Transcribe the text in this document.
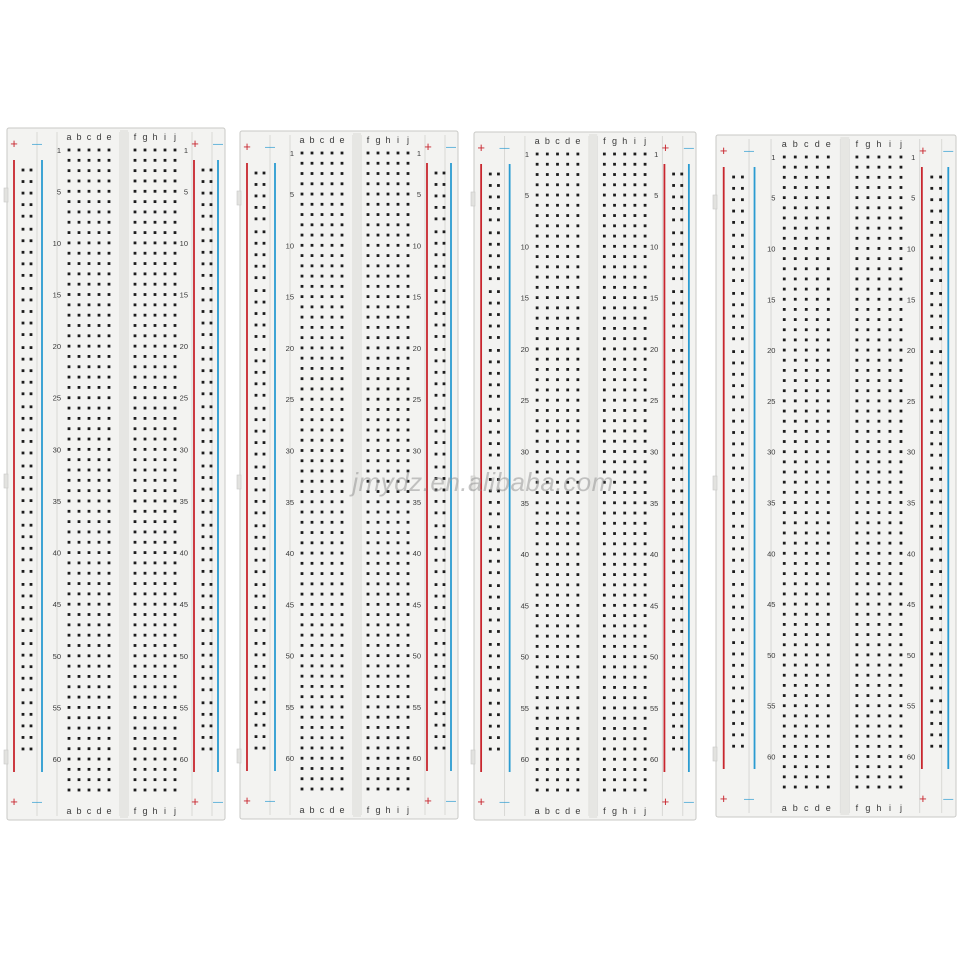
+ —	+ —
+ —	+ —
a b c d e f g h i j
a b c d e f g h i j
1	1
5	5
10	10
15	15
20	20
25	25
30	30
35	35
40	40
45	45
50	50
55	55
60	60
+ —	+ —
+ —	+ —
a b c d e f g h i j
a b c d e f g h i j
1	1
5	5
10	10
15	15
20	20
25	25
30	30
35	35
40	40
45	45
50	50
55	55
60	60
+ —	+ —
+ —	+ —
a b c d e	f g h i j
a b c d e	f g h i j
1	1
5	5
10	10
15	15
20	20
25	25
30	30
35	35
40	40
45	45
50	50
55	55
60	60
+ —	+ —
+ —	+ —
a b c d e	f g h i j
a b c d e	f g h i j
1	1
5	5
10	10
15	15
20	20
25	25
30	30
35	35
40	40
45	45
50	50
55	55
60	60
jmydz.en.alibaba.com
